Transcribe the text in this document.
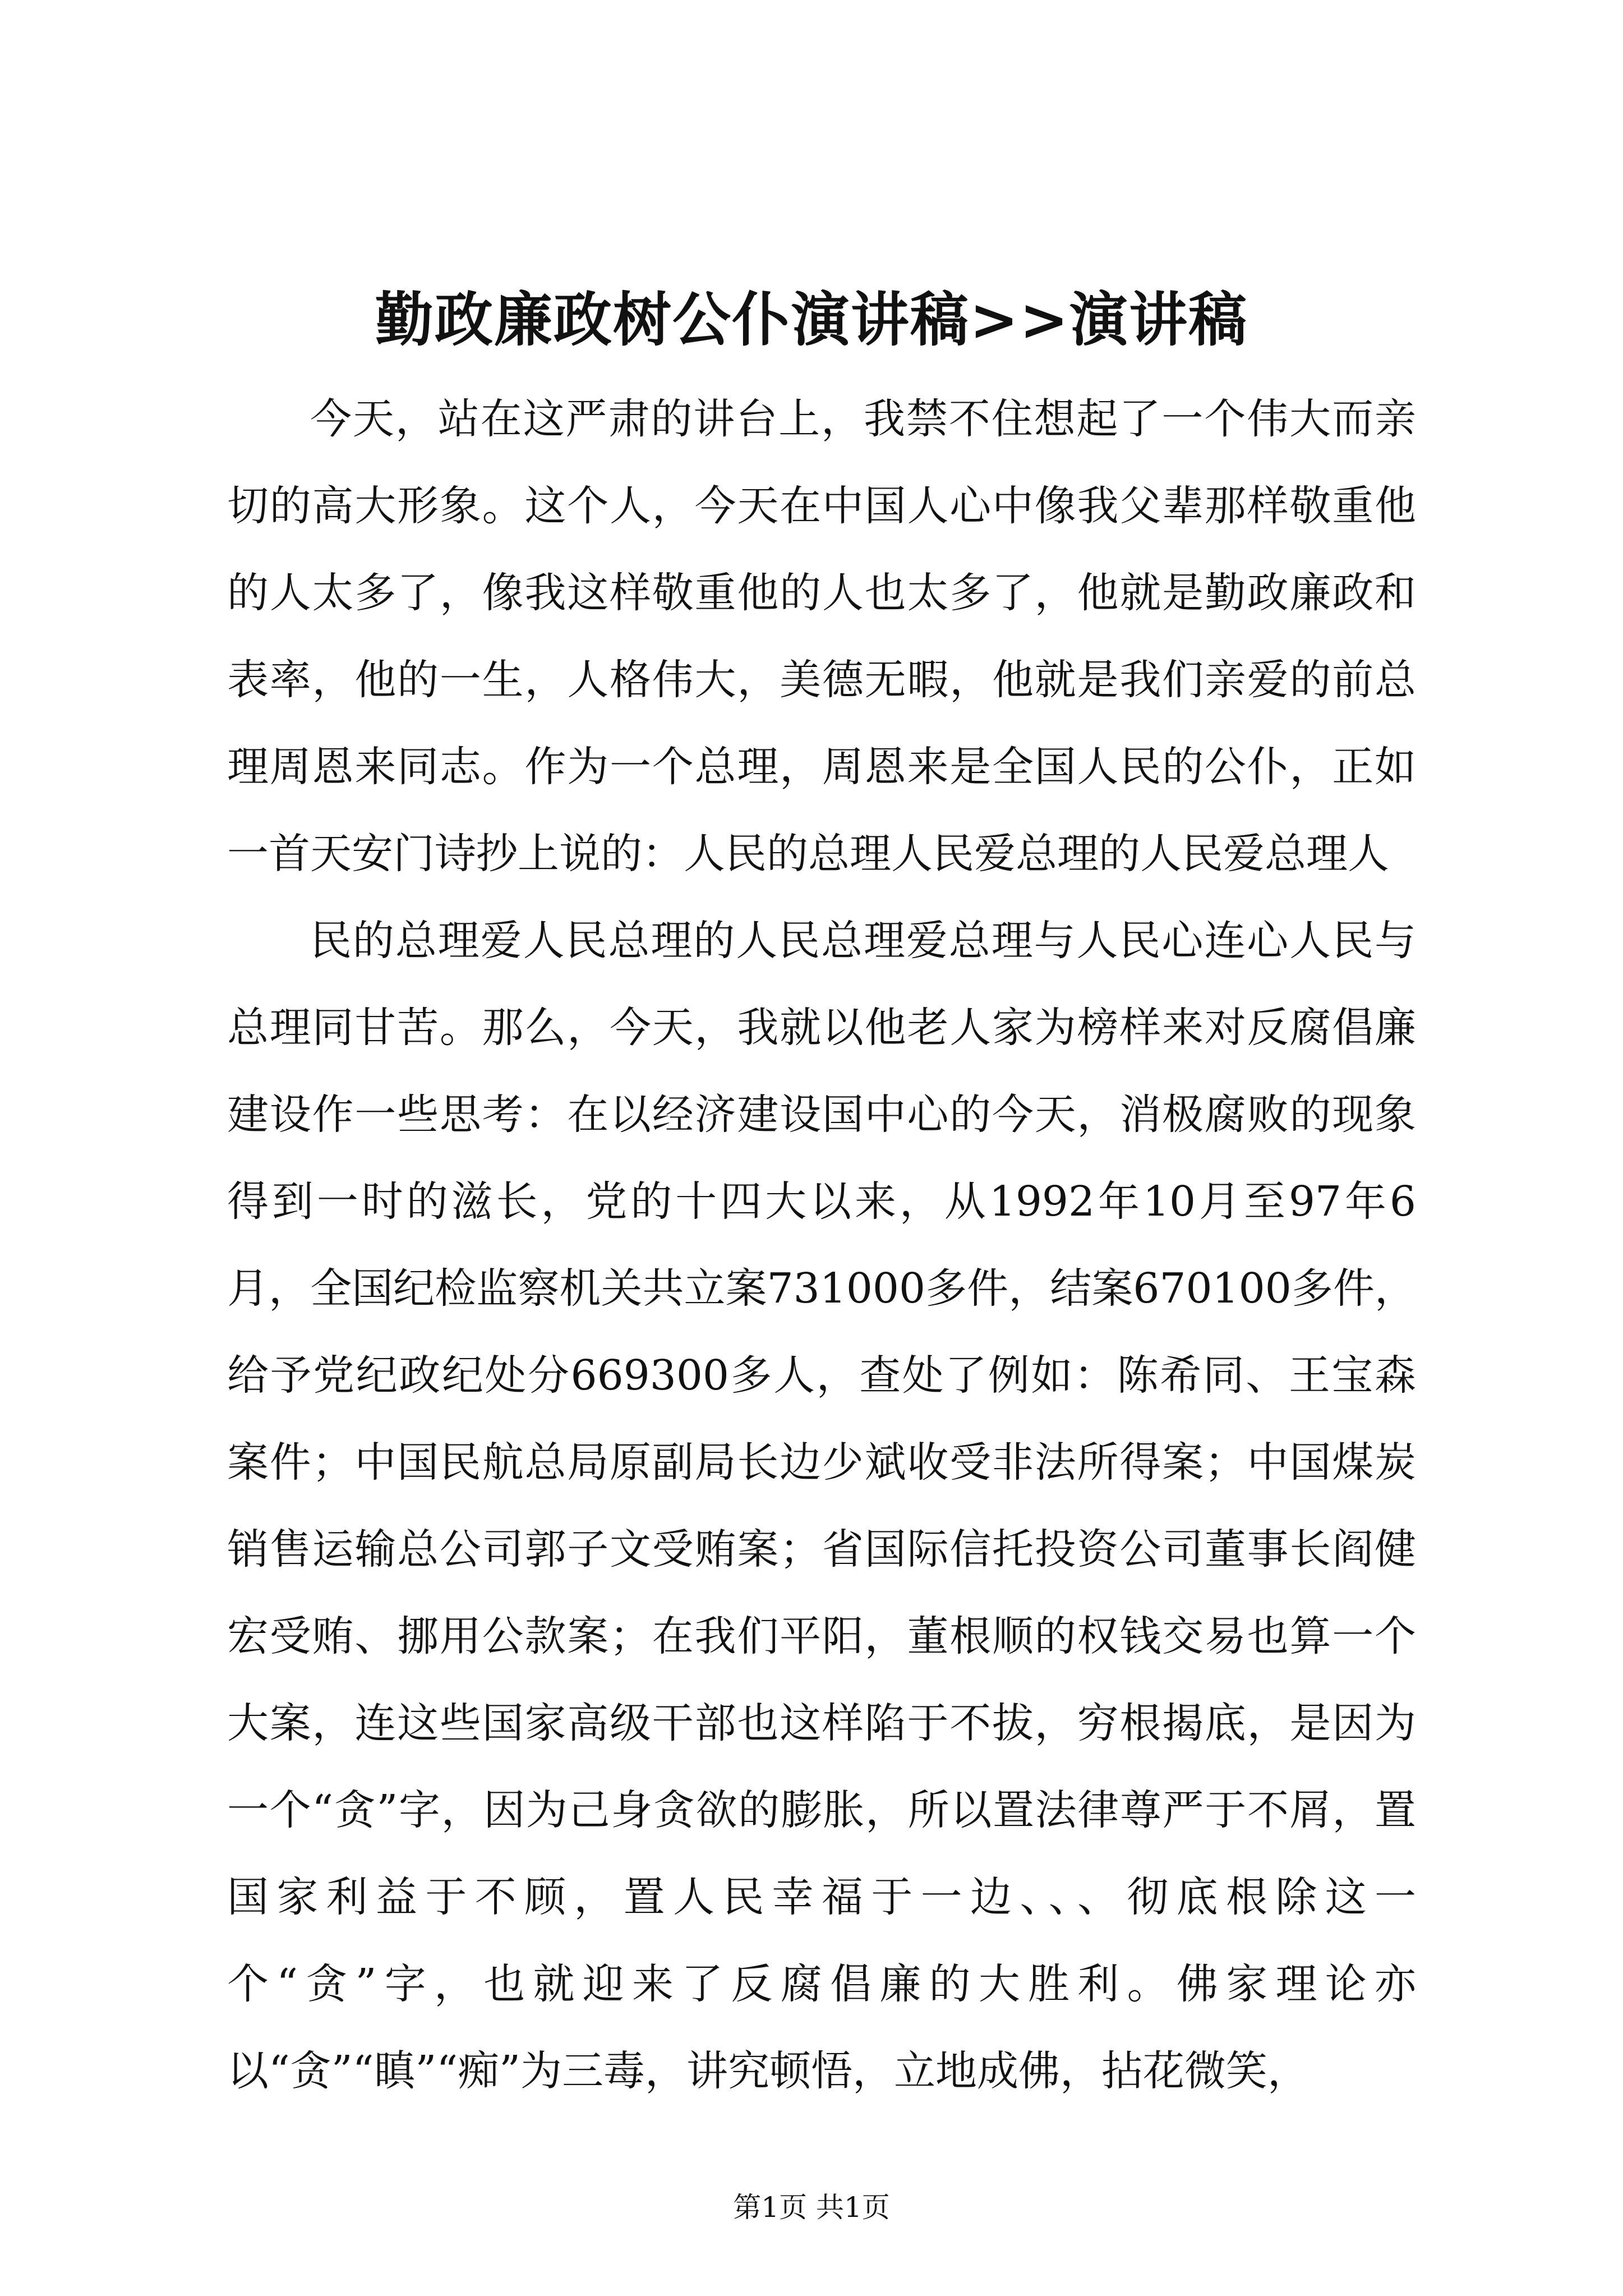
勤政廉政树公仆演讲稿>>演讲稿

今天，站在这严肃的讲台上，我禁不住想起了一个伟大而亲切的高大形象。这个人，今天在中国人心中像我父辈那样敬重他的人太多了，像我这样敬重他的人也太多了，他就是勤政廉政和表率，他的一生，人格伟大，美德无暇，他就是我们亲爱的前总理周恩来同志。作为一个总理，周恩来是全国人民的公仆，正如一首天安门诗抄上说的：人民的总理人民爱总理的人民爱总理人

民的总理爱人民总理的人民总理爱总理与人民心连心人民与总理同甘苦。那么，今天，我就以他老人家为榜样来对反腐倡廉建设作一些思考：在以经济建设国中心的今天，消极腐败的现象得到一时的滋长，党的十四大以来，从1992年10月至97年6月，全国纪检监察机关共立案731000多件，结案670100多件，给予党纪政纪处分669300多人，查处了例如：陈希同、王宝森案件；中国民航总局原副局长边少斌收受非法所得案；中国煤炭销售运输总公司郭子文受贿案；省国际信托投资公司董事长阎健宏受贿、挪用公款案；在我们平阳，董根顺的权钱交易也算一个大案，连这些国家高级干部也这样陷于不拔，穷根揭底，是因为一个“贪”字，因为己身贪欲的膨胀，所以置法律尊严于不屑，置国家利益于不顾，置人民幸福于一边、、、彻底根除这一个“贪”字，也就迎来了反腐倡廉的大胜利。佛家理论亦以“贪”“瞋”“痴”为三毒，讲究顿悟，立地成佛，拈花微笑，

第1页 共1页
